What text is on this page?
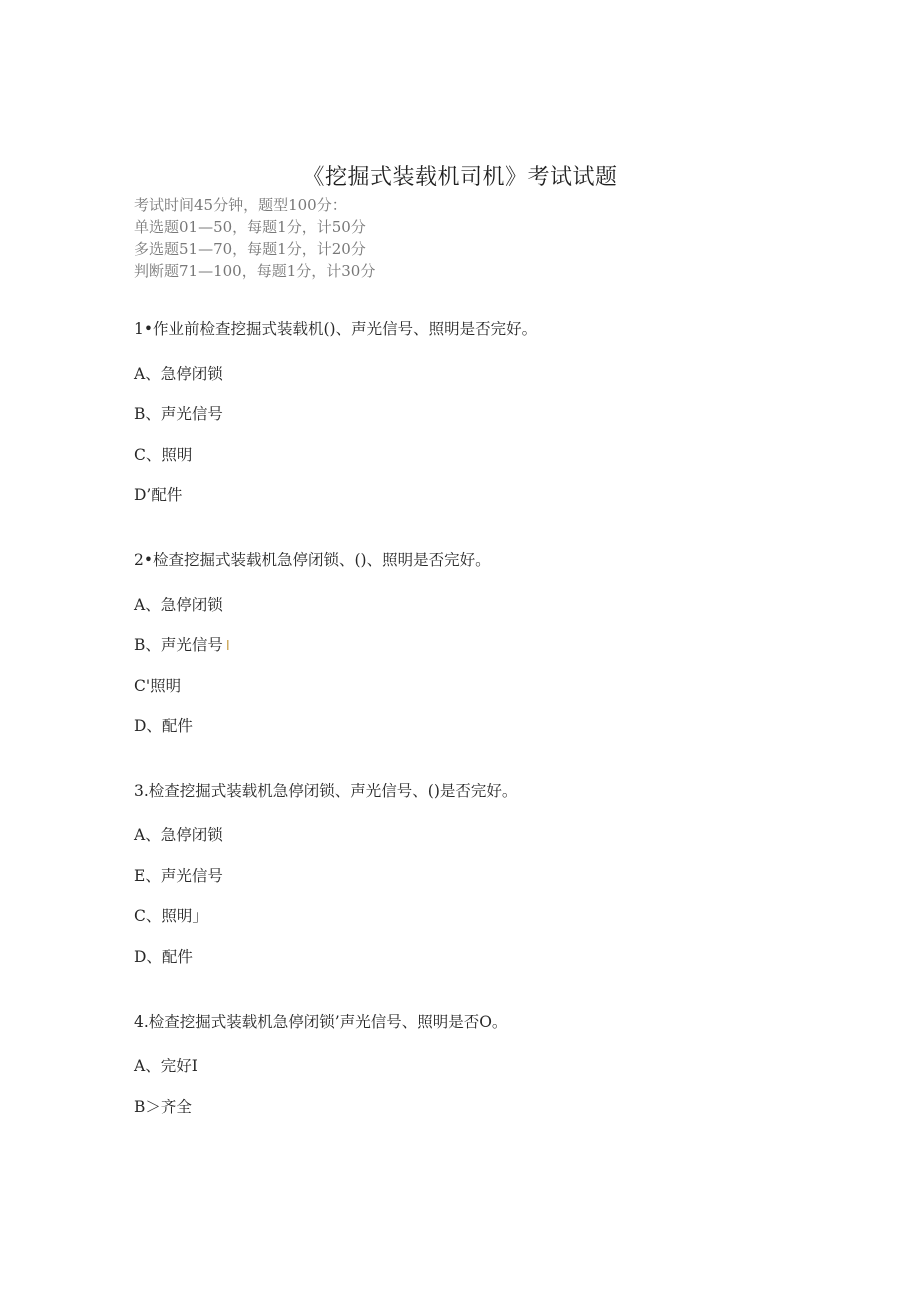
《挖掘式装载机司机》考试试题
考试时间45分钟，题型100分：
单选题01—50，每题1分，计50分
多选题51—70，每题1分，计20分
判断题71—100，每题1分，计30分
1•作业前检查挖掘式装载机()、声光信号、照明是否完好。
A、急停闭锁
B、声光信号
C、照明
D’配件
2•检查挖掘式装载机急停闭锁、()、照明是否完好。
A、急停闭锁
B、声光信号 I
C'照明
D、配件
3.检查挖掘式装载机急停闭锁、声光信号、()是否完好。
A、急停闭锁
E、声光信号
C、照明」
D、配件
4.检查挖掘式装载机急停闭锁’声光信号、照明是否O。
A、完好I
B＞齐全
